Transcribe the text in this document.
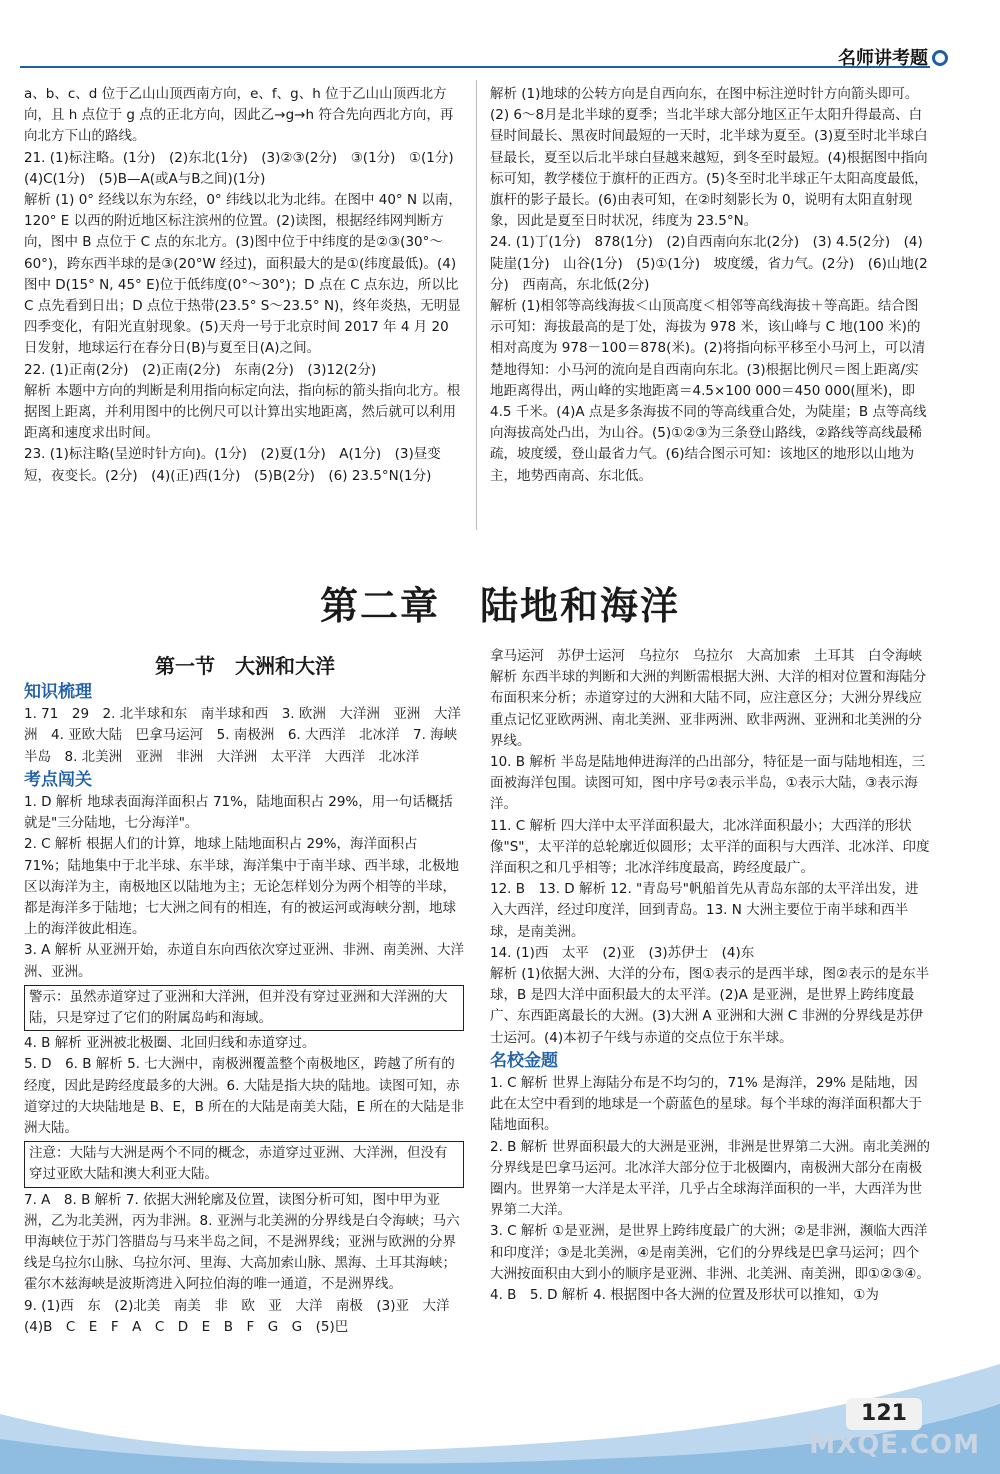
名师讲考题

a、b、c、d 位于乙山山顶西南方向，e、f、g、h 位于乙山山顶西北方向，且 h 点位于 g 点的正北方向，因此乙→g→h 符合先向西北方向，再向北方下山的路线。

21. (1)标注略。(1分)　(2)东北(1分)　(3)②③(2分)　③(1分)　①(1分)　(4)C(1分)　(5)B—A(或A与B之间)(1分)

解析 (1) 0° 经线以东为东经，0° 纬线以北为北纬。在图中 40° N 以南，120° E 以西的附近地区标注滨州的位置。(2)读图，根据经纬网判断方向，图中 B 点位于 C 点的东北方。(3)图中位于中纬度的是②③(30°～60°)，跨东西半球的是③(20°W 经过)，面积最大的是①(纬度最低)。(4)图中 D(15° N, 45° E)位于低纬度(0°～30°)；D 点在 C 点东边，所以比 C 点先看到日出；D 点位于热带(23.5° S～23.5° N)，终年炎热，无明显四季变化，有阳光直射现象。(5)天舟一号于北京时间 2017 年 4 月 20 日发射，地球运行在春分日(B)与夏至日(A)之间。

22. (1)正南(2分)　(2)正南(2分)　东南(2分)　(3)12(2分)

解析 本题中方向的判断是利用指向标定向法，指向标的箭头指向北方。根据图上距离，并利用图中的比例尺可以计算出实地距离，然后就可以利用距离和速度求出时间。

23. (1)标注略(呈逆时针方向)。(1分)　(2)夏(1分)　A(1分)　(3)昼变短，夜变长。(2分)　(4)(正)西(1分)　(5)B(2分)　(6) 23.5°N(1分)

解析 (1)地球的公转方向是自西向东，在图中标注逆时针方向箭头即可。(2) 6～8月是北半球的夏季；当北半球大部分地区正午太阳升得最高、白昼时间最长、黑夜时间最短的一天时，北半球为夏至。(3)夏至时北半球白昼最长，夏至以后北半球白昼越来越短，到冬至时最短。(4)根据图中指向标可知，教学楼位于旗杆的正西方。(5)冬至时北半球正午太阳高度最低，旗杆的影子最长。(6)由表可知，在②时刻影长为 0，说明有太阳直射现象，因此是夏至日时状况，纬度为 23.5°N。

24. (1)丁(1分)　878(1分)　(2)自西南向东北(2分)　(3) 4.5(2分)　(4)陡崖(1分)　山谷(1分)　(5)①(1分)　坡度缓，省力气。(2分)　(6)山地(2分)　西南高，东北低(2分)

解析 (1)相邻等高线海拔＜山顶高度＜相邻等高线海拔＋等高距。结合图示可知：海拔最高的是丁处，海拔为 978 米，该山峰与 C 地(100 米)的相对高度为 978－100＝878(米)。(2)将指向标平移至小马河上，可以清楚地得知：小马河的流向是自西南向东北。(3)根据比例尺＝图上距离/实地距离得出，两山峰的实地距离＝4.5×100 000＝450 000(厘米)，即 4.5 千米。(4)A 点是多条海拔不同的等高线重合处，为陡崖；B 点等高线向海拔高处凸出，为山谷。(5)①②③为三条登山路线，②路线等高线最稀疏，坡度缓，登山最省力气。(6)结合图示可知：该地区的地形以山地为主，地势西南高、东北低。

第二章　陆地和海洋
第一节　大洲和大洋
知识梳理

1. 71　29　2. 北半球和东　南半球和西　3. 欧洲　大洋洲　亚洲　大洋洲　4. 亚欧大陆　巴拿马运河　5. 南极洲　6. 大西洋　北冰洋　7. 海峡　半岛　8. 北美洲　亚洲　非洲　大洋洲　太平洋　大西洋　北冰洋

考点闯关

1. D 解析 地球表面海洋面积占 71%，陆地面积占 29%，用一句话概括就是"三分陆地，七分海洋"。

2. C 解析 根据人们的计算，地球上陆地面积占 29%，海洋面积占 71%；陆地集中于北半球、东半球，海洋集中于南半球、西半球，北极地区以海洋为主，南极地区以陆地为主；无论怎样划分为两个相等的半球，都是海洋多于陆地；七大洲之间有的相连，有的被运河或海峡分割，地球上的海洋彼此相连。

3. A 解析 从亚洲开始，赤道自东向西依次穿过亚洲、非洲、南美洲、大洋洲、亚洲。

警示：虽然赤道穿过了亚洲和大洋洲，但并没有穿过亚洲和大洋洲的大陆，只是穿过了它们的附属岛屿和海域。

4. B 解析 亚洲被北极圈、北回归线和赤道穿过。

5. D　6. B 解析 5. 七大洲中，南极洲覆盖整个南极地区，跨越了所有的经度，因此是跨经度最多的大洲。6. 大陆是指大块的陆地。读图可知，赤道穿过的大块陆地是 B、E，B 所在的大陆是南美大陆，E 所在的大陆是非洲大陆。

注意：大陆与大洲是两个不同的概念，赤道穿过亚洲、大洋洲，但没有穿过亚欧大陆和澳大利亚大陆。

7. A　8. B 解析 7. 依据大洲轮廓及位置，读图分析可知，图中甲为亚洲，乙为北美洲，丙为非洲。8. 亚洲与北美洲的分界线是白令海峡；马六甲海峡位于苏门答腊岛与马来半岛之间，不是洲界线；亚洲与欧洲的分界线是乌拉尔山脉、乌拉尔河、里海、大高加索山脉、黑海、土耳其海峡；霍尔木兹海峡是波斯湾进入阿拉伯海的唯一通道，不是洲界线。

9. (1)西　东　(2)北美　南美　非　欧　亚　大洋　南极　(3)亚　大洋　(4)B　C　E　F　A　C　D　E　B　F　G　G　(5)巴

拿马运河　苏伊士运河　乌拉尔　乌拉尔　大高加索　土耳其　白令海峡

解析 东西半球的判断和大洲的判断需根据大洲、大洋的相对位置和海陆分布面积来分析；赤道穿过的大洲和大陆不同，应注意区分；大洲分界线应重点记忆亚欧两洲、南北美洲、亚非两洲、欧非两洲、亚洲和北美洲的分界线。

10. B 解析 半岛是陆地伸进海洋的凸出部分，特征是一面与陆地相连，三面被海洋包围。读图可知，图中序号②表示半岛，①表示大陆，③表示海洋。

11. C 解析 四大洋中太平洋面积最大，北冰洋面积最小；大西洋的形状像"S"，太平洋的总轮廓近似圆形；太平洋的面积与大西洋、北冰洋、印度洋面积之和几乎相等；北冰洋纬度最高，跨经度最广。

12. B　13. D 解析 12. "青岛号"帆船首先从青岛东部的太平洋出发，进入大西洋，经过印度洋，回到青岛。13. N 大洲主要位于南半球和西半球，是南美洲。

14. (1)西　太平　(2)亚　(3)苏伊士　(4)东

解析 (1)依据大洲、大洋的分布，图①表示的是西半球，图②表示的是东半球，B 是四大洋中面积最大的太平洋。(2)A 是亚洲，是世界上跨纬度最广、东西距离最长的大洲。(3)大洲 A 亚洲和大洲 C 非洲的分界线是苏伊士运河。(4)本初子午线与赤道的交点位于东半球。

名校金题

1. C 解析 世界上海陆分布是不均匀的，71% 是海洋，29% 是陆地，因此在太空中看到的地球是一个蔚蓝色的星球。每个半球的海洋面积都大于陆地面积。

2. B 解析 世界面积最大的大洲是亚洲，非洲是世界第二大洲。南北美洲的分界线是巴拿马运河。北冰洋大部分位于北极圈内，南极洲大部分在南极圈内。世界第一大洋是太平洋，几乎占全球海洋面积的一半，大西洋为世界第二大洋。

3. C 解析 ①是亚洲，是世界上跨纬度最广的大洲；②是非洲，濒临大西洋和印度洋；③是北美洲，④是南美洲，它们的分界线是巴拿马运河；四个大洲按面积由大到小的顺序是亚洲、非洲、北美洲、南美洲，即①②③④。

4. B　5. D 解析 4. 根据图中各大洲的位置及形状可以推知，①为

121
MXQE.COM
